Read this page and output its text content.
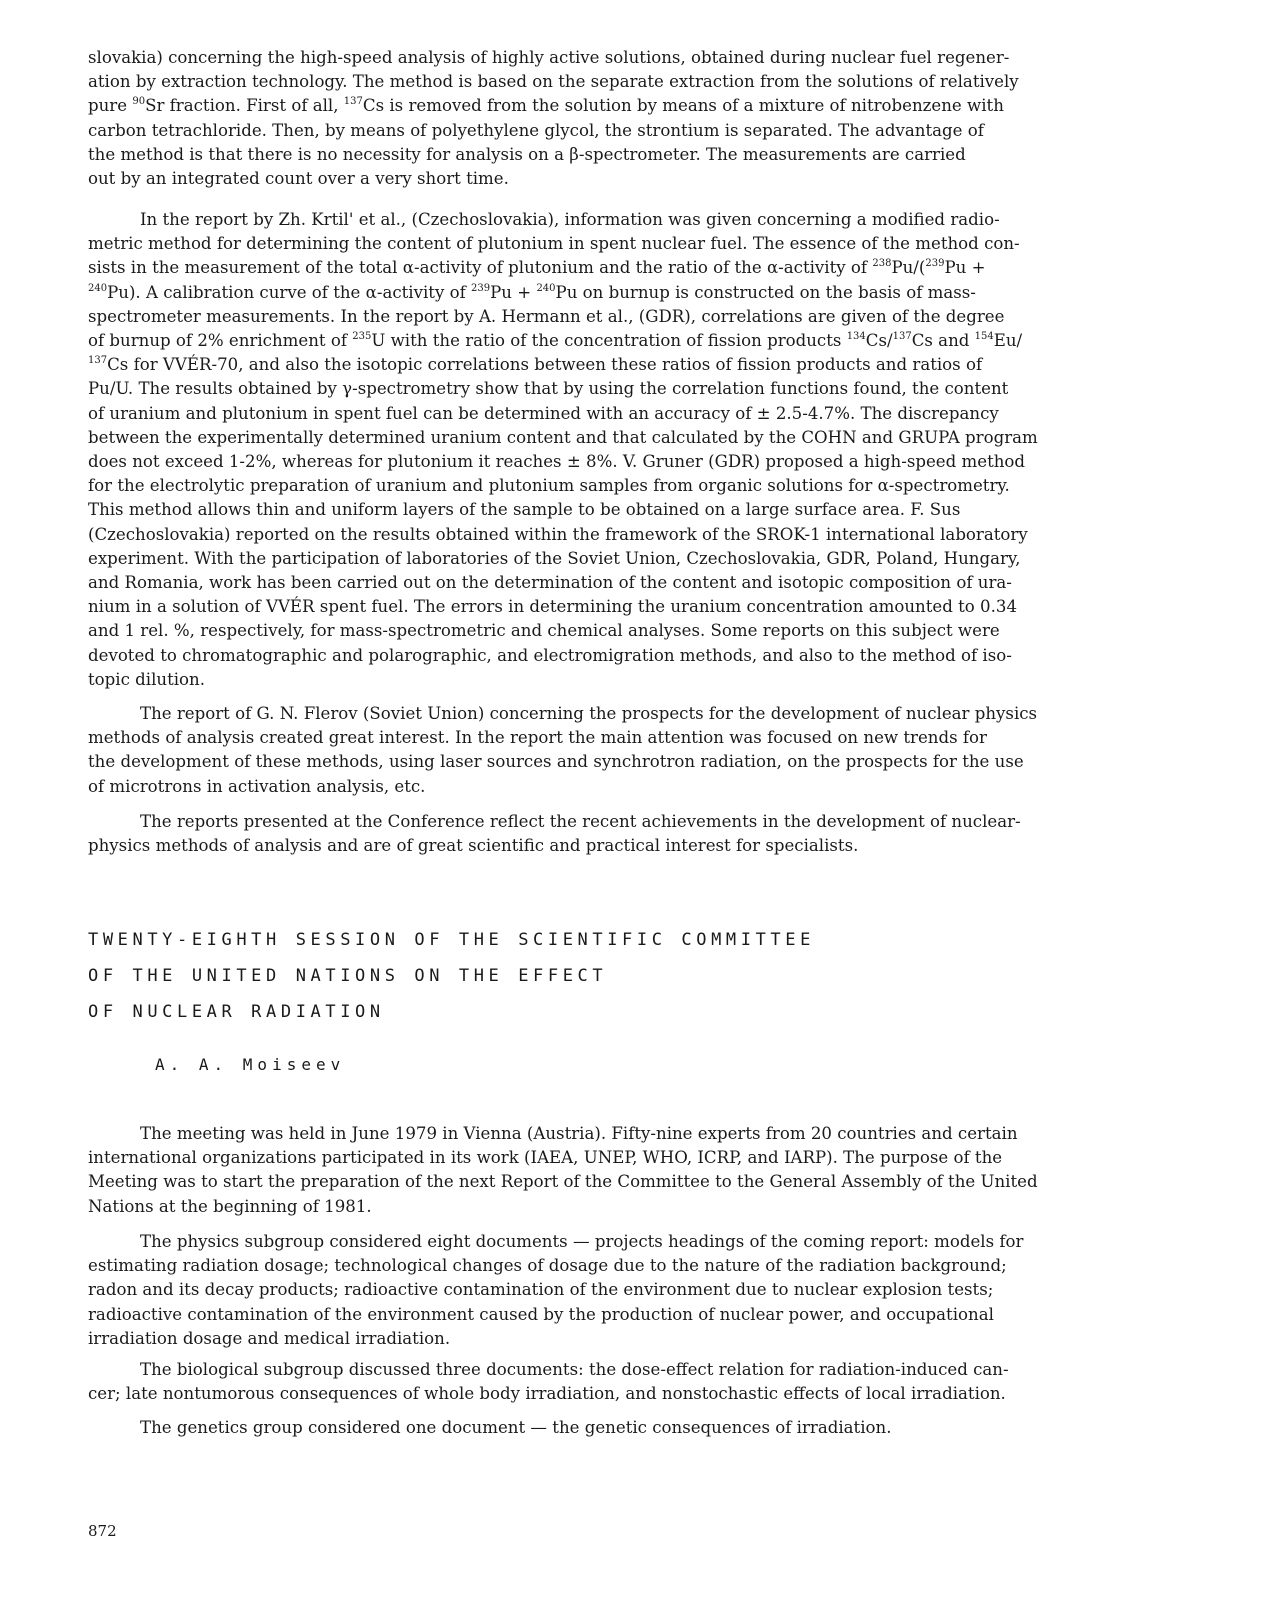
slovakia) concerning the high-speed analysis of highly active solutions, obtained during nuclear fuel regener-
ation by extraction technology. The method is based on the separate extraction from the solutions of relatively
pure $^{90}$Sr fraction. First of all, $^{137}$Cs is removed from the solution by means of a mixture of nitrobenzene with
carbon tetrachloride. Then, by means of polyethylene glycol, the strontium is separated. The advantage of
the method is that there is no necessity for analysis on a β-spectrometer. The measurements are carried
out by an integrated count over a very short time.
In the report by Zh. Krtil' et al., (Czechoslovakia), information was given concerning a modified radio-
metric method for determining the content of plutonium in spent nuclear fuel. The essence of the method con-
sists in the measurement of the total α-activity of plutonium and the ratio of the α-activity of $^{238}$Pu/($^{239}$Pu +
$^{240}$Pu). A calibration curve of the α-activity of $^{239}$Pu + $^{240}$Pu on burnup is constructed on the basis of mass-
spectrometer measurements. In the report by A. Hermann et al., (GDR), correlations are given of the degree
of burnup of 2% enrichment of $^{235}$U with the ratio of the concentration of fission products $^{134}$Cs/$^{137}$Cs and $^{154}$Eu/
$^{137}$Cs for VVÉR-70, and also the isotopic correlations between these ratios of fission products and ratios of
Pu/U. The results obtained by γ-spectrometry show that by using the correlation functions found, the content
of uranium and plutonium in spent fuel can be determined with an accuracy of ± 2.5-4.7%. The discrepancy
between the experimentally determined uranium content and that calculated by the COHN and GRUPA program
does not exceed 1-2%, whereas for plutonium it reaches ± 8%. V. Gruner (GDR) proposed a high-speed method
for the electrolytic preparation of uranium and plutonium samples from organic solutions for α-spectrometry.
This method allows thin and uniform layers of the sample to be obtained on a large surface area. F. Sus
(Czechoslovakia) reported on the results obtained within the framework of the SROK-1 international laboratory
experiment. With the participation of laboratories of the Soviet Union, Czechoslovakia, GDR, Poland, Hungary,
and Romania, work has been carried out on the determination of the content and isotopic composition of ura-
nium in a solution of VVÉR spent fuel. The errors in determining the uranium concentration amounted to 0.34
and 1 rel. %, respectively, for mass-spectrometric and chemical analyses. Some reports on this subject were
devoted to chromatographic and polarographic, and electromigration methods, and also to the method of iso-
topic dilution.
The report of G. N. Flerov (Soviet Union) concerning the prospects for the development of nuclear physics
methods of analysis created great interest. In the report the main attention was focused on new trends for
the development of these methods, using laser sources and synchrotron radiation, on the prospects for the use
of microtrons in activation analysis, etc.
The reports presented at the Conference reflect the recent achievements in the development of nuclear-
physics methods of analysis and are of great scientific and practical interest for specialists.
TWENTY-EIGHTH SESSION OF THE SCIENTIFIC COMMITTEE
OF THE UNITED NATIONS ON THE EFFECT
OF NUCLEAR RADIATION

A. A. Moiseev

The meeting was held in June 1979 in Vienna (Austria). Fifty-nine experts from 20 countries and certain
international organizations participated in its work (IAEA, UNEP, WHO, ICRP, and IARP). The purpose of the
Meeting was to start the preparation of the next Report of the Committee to the General Assembly of the United
Nations at the beginning of 1981.
The physics subgroup considered eight documents — projects headings of the coming report: models for
estimating radiation dosage; technological changes of dosage due to the nature of the radiation background;
radon and its decay products; radioactive contamination of the environment due to nuclear explosion tests;
radioactive contamination of the environment caused by the production of nuclear power, and occupational
irradiation dosage and medical irradiation.
The biological subgroup discussed three documents: the dose-effect relation for radiation-induced can-
cer; late nontumorous consequences of whole body irradiation, and nonstochastic effects of local irradiation.
The genetics group considered one document — the genetic consequences of irradiation.

872
